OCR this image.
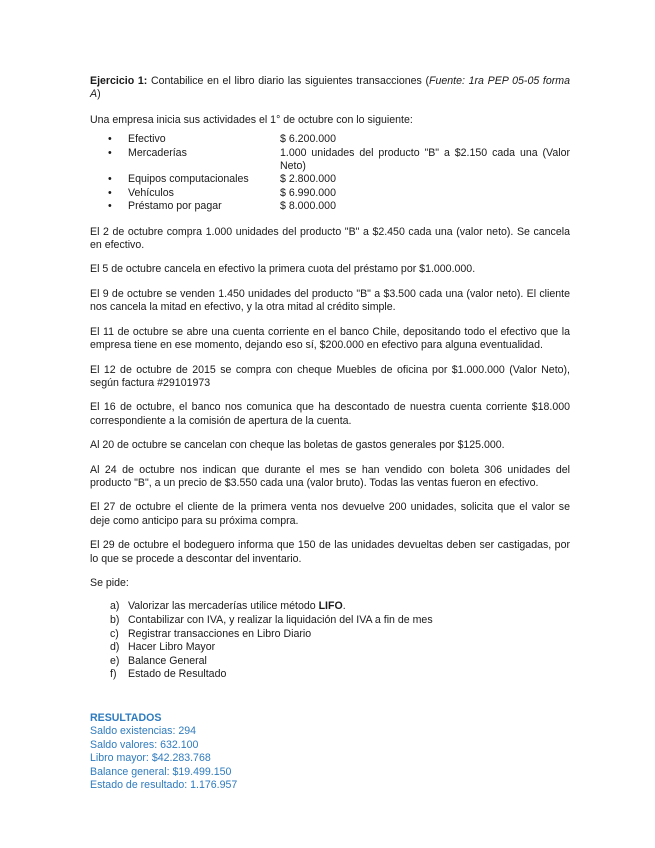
Ejercicio 1: Contabilice en el libro diario las siguientes transacciones (Fuente: 1ra PEP 05-05 forma A)

Una empresa inicia sus actividades el 1° de octubre con lo siguiente:

• Efectivo	$ 6.200.000
• Mercaderías	1.000 unidades del producto "B" a $2.150 cada una (Valor Neto)
• Equipos computacionales	$ 2.800.000
• Vehículos	$ 6.990.000
• Préstamo por pagar	$ 8.000.000

El 2 de octubre compra 1.000 unidades del producto "B" a $2.450 cada una (valor neto). Se cancela en efectivo.

El 5 de octubre cancela en efectivo la primera cuota del préstamo por $1.000.000.

El 9 de octubre se venden 1.450 unidades del producto "B" a $3.500 cada una (valor neto). El cliente nos cancela la mitad en efectivo, y la otra mitad al crédito simple.

El 11 de octubre se abre una cuenta corriente en el banco Chile, depositando todo el efectivo que la empresa tiene en ese momento, dejando eso sí, $200.000 en efectivo para alguna eventualidad.

El 12 de octubre de 2015 se compra con cheque Muebles de oficina por $1.000.000 (Valor Neto), según factura #29101973

El 16 de octubre, el banco nos comunica que ha descontado de nuestra cuenta corriente $18.000 correspondiente a la comisión de apertura de la cuenta.

Al 20 de octubre se cancelan con cheque las boletas de gastos generales por $125.000.

Al 24 de octubre nos indican que durante el mes se han vendido con boleta 306 unidades del producto "B", a un precio de $3.550 cada una (valor bruto). Todas las ventas fueron en efectivo.

El 27 de octubre el cliente de la primera venta nos devuelve 200 unidades, solicita que el valor se deje como anticipo para su próxima compra.

El 29 de octubre el bodeguero informa que 150 de las unidades devueltas deben ser castigadas, por lo que se procede a descontar del inventario.

Se pide:

a) Valorizar las mercaderías utilice método LIFO.
b) Contabilizar con IVA, y realizar la liquidación del IVA a fin de mes
c) Registrar transacciones en Libro Diario
d) Hacer Libro Mayor
e) Balance General
f) Estado de Resultado
RESULTADOS
Saldo existencias: 294
Saldo valores: 632.100
Libro mayor: $42.283.768
Balance general: $19.499.150
Estado de resultado: 1.176.957
